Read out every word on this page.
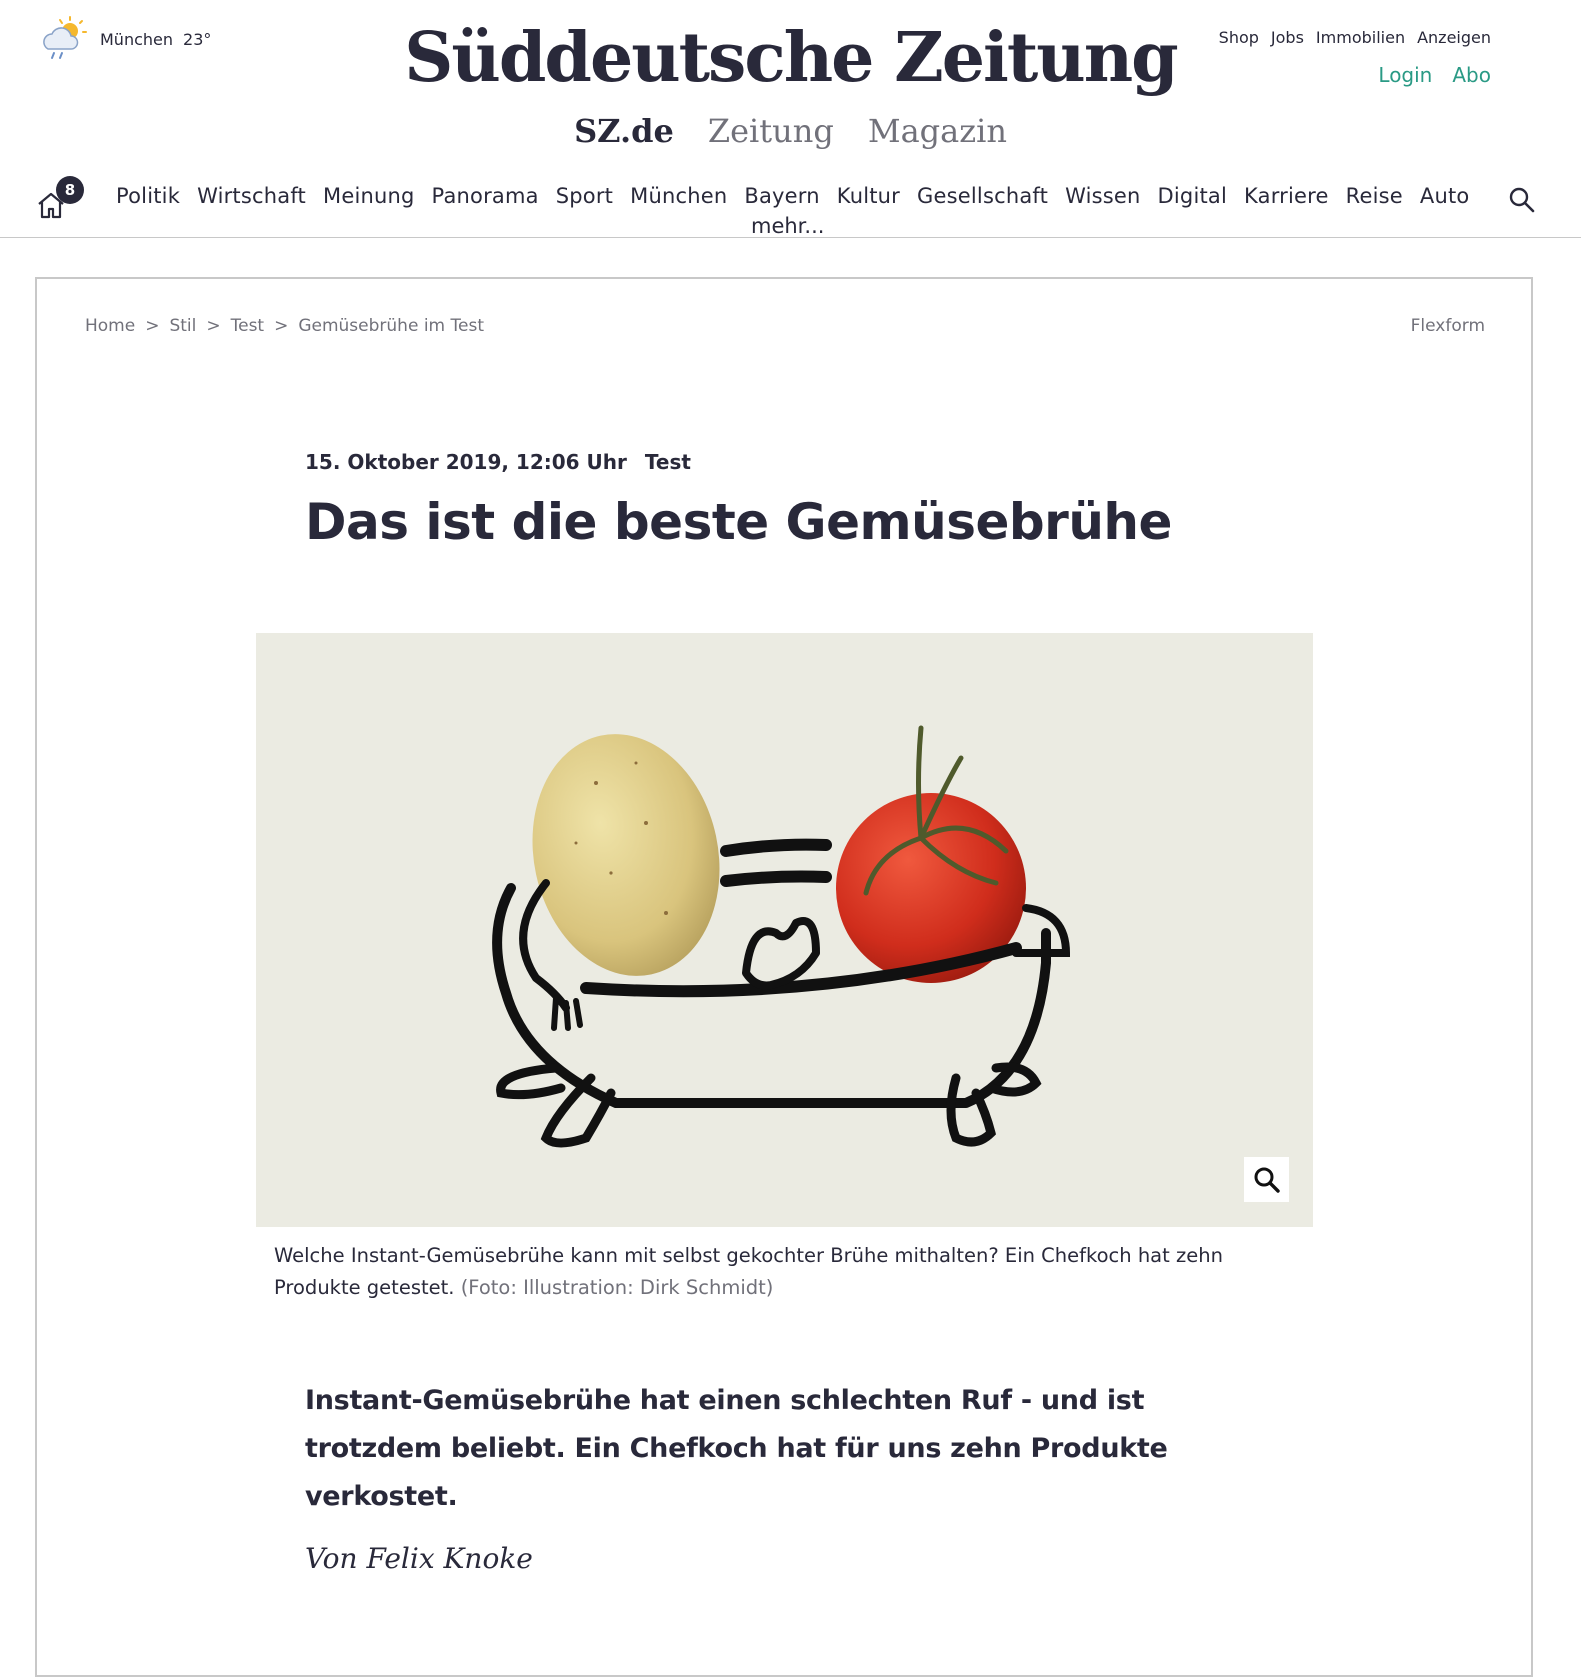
München 23°	Süddeutsche Zeitung
SZ.de Zeitung Magazin
Shop Jobs Immobilien Anzeigen
Login Abo
8	Politik Wirtschaft Meinung Panorama Sport München Bayern Kultur Gesellschaft Wissen Digital Karriere Reise Auto
mehr...
Home > Stil > Test > Gemüsebrühe im Test	Flexform
15. Oktober 2019, 12:06 Uhr Test
Das ist die beste Gemüsebrühe
Welche Instant-Gemüsebrühe kann mit selbst gekochter Brühe mithalten? Ein Chefkoch hat zehn Produkte getestet. (Foto: Illustration: Dirk Schmidt)
Instant-Gemüsebrühe hat einen schlechten Ruf - und ist trotzdem beliebt. Ein Chefkoch hat für uns zehn Produkte verkostet.
Von Felix Knoke
